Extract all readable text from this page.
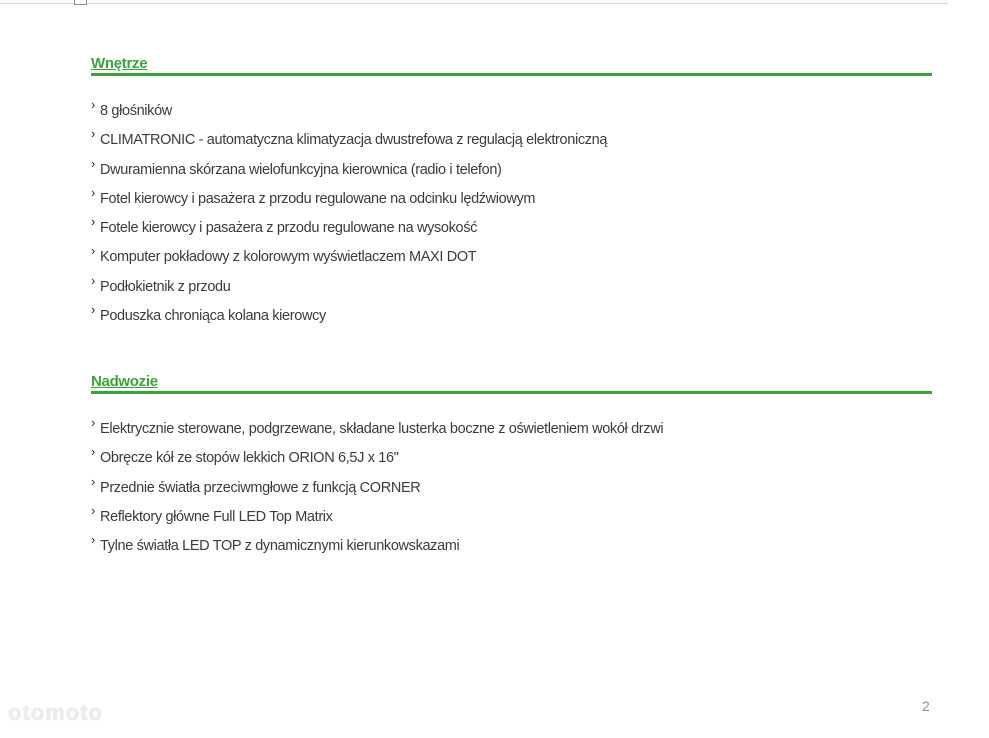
Wnętrze
› 8 głośników
› CLIMATRONIC - automatyczna klimatyzacja dwustrefowa z regulacją elektroniczną
› Dwuramienna skórzana wielofunkcyjna kierownica (radio i telefon)
› Fotel kierowcy i pasażera z przodu regulowane na odcinku lędźwiowym
› Fotele kierowcy i pasażera z przodu regulowane na wysokość
› Komputer pokładowy z kolorowym wyświetlaczem MAXI DOT
› Podłokietnik z przodu
› Poduszka chroniąca kolana kierowcy
Nadwozie
› Elektrycznie sterowane, podgrzewane, składane lusterka boczne z oświetleniem wokół drzwi
› Obręcze kół ze stopów lekkich ORION 6,5J x 16"
› Przednie światła przeciwmgłowe z funkcją CORNER
› Reflektory główne Full LED Top Matrix
› Tylne światła LED TOP z dynamicznymi kierunkowskazami
2
otomoto
